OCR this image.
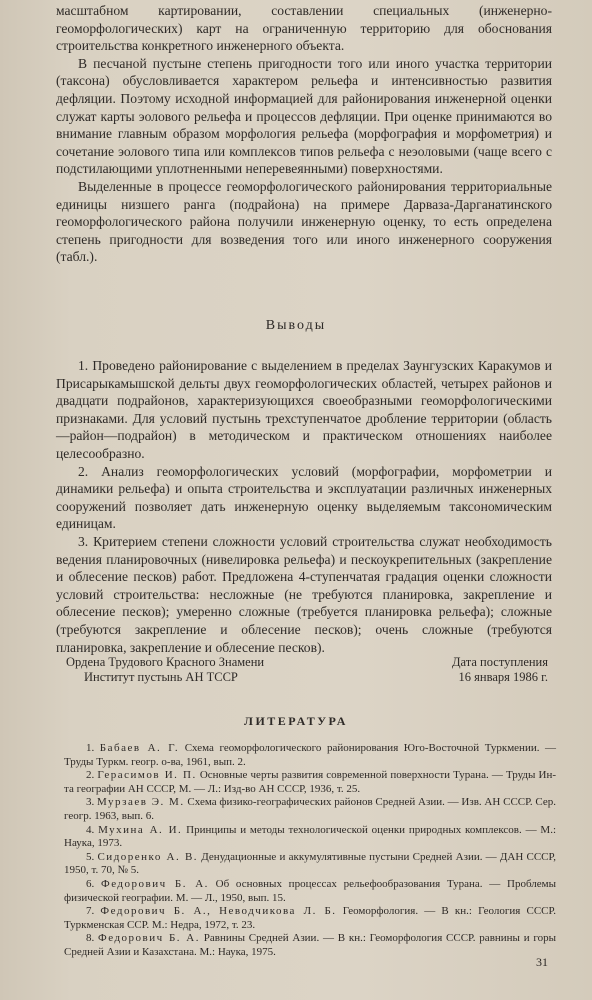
масштабном картировании, составлении специальных (инженерно-геоморфологических) карт на ограниченную территорию для обоснования строительства конкретного инженерного объекта.

В песчаной пустыне степень пригодности того или иного участка территории (таксона) обусловливается характером рельефа и интенсивностью развития дефляции. Поэтому исходной информацией для районирования инженерной оценки служат карты эолового рельефа и процессов дефляции. При оценке принимаются во внимание главным образом морфология рельефа (морфография и морфометрия) и сочетание эолового типа или комплексов типов рельефа с неэоловыми (чаще всего с подстилающими уплотненными неперевеянными) поверхностями.

Выделенные в процессе геоморфологического районирования территориальные единицы низшего ранга (подрайона) на примере Дарваза-Дарганатинского геоморфологического района получили инженерную оценку, то есть определена степень пригодности для возведения того или иного инженерного сооружения (табл.).

Выводы

1. Проведено районирование с выделением в пределах Заунгузских Каракумов и Присарыкамышской дельты двух геоморфологических областей, четырех районов и двадцати подрайонов, характеризующихся своеобразными геоморфологическими признаками. Для условий пустынь трехступенчатое дробление территории (область—район—подрайон) в методическом и практическом отношениях наиболее целесообразно.

2. Анализ геоморфологических условий (морфографии, морфометрии и динамики рельефа) и опыта строительства и эксплуатации различных инженерных сооружений позволяет дать инженерную оценку выделяемым таксономическим единицам.

3. Критерием степени сложности условий строительства служат необходимость ведения планировочных (нивелировка рельефа) и пескоукрепительных (закрепление и облесение песков) работ. Предложена 4-ступенчатая градация оценки сложности условий строительства: несложные (не требуются планировка, закрепление и облесение песков); умеренно сложные (требуется планировка рельефа); сложные (требуются закрепление и облесение песков); очень сложные (требуются планировка, закрепление и облесение песков).

Ордена Трудового Красного Знамени
Институт пустынь АН ТССР
Дата поступления
16 января 1986 г.
ЛИТЕРАТУРА

1. Бабаев А. Г. Схема геоморфологического районирования Юго-Восточной Туркмении. — Труды Туркм. геогр. о-ва, 1961, вып. 2.

2. Герасимов И. П. Основные черты развития современной поверхности Турана. — Труды Ин-та географии АН СССР, М. — Л.: Изд-во АН СССР, 1936, т. 25.

3. Мурзаев Э. М. Схема физико-географических районов Средней Азии. — Изв. АН СССР. Сер. геогр. 1963, вып. 6.

4. Мухина А. И. Принципы и методы технологической оценки природных комплексов. — М.: Наука, 1973.

5. Сидоренко А. В. Денудационные и аккумулятивные пустыни Средней Азии. — ДАН СССР, 1950, т. 70, № 5.

6. Федорович Б. А. Об основных процессах рельефообразования Турана. — Проблемы физической географии. М. — Л., 1950, вып. 15.

7. Федорович Б. А., Неводчикова Л. Б. Геоморфология. — В кн.: Геология СССР. Туркменская ССР. М.: Недра, 1972, т. 23.

8. Федорович Б. А. Равнины Средней Азии. — В кн.: Геоморфология СССР. равнины и горы Средней Азии и Казахстана. М.: Наука, 1975.

31
